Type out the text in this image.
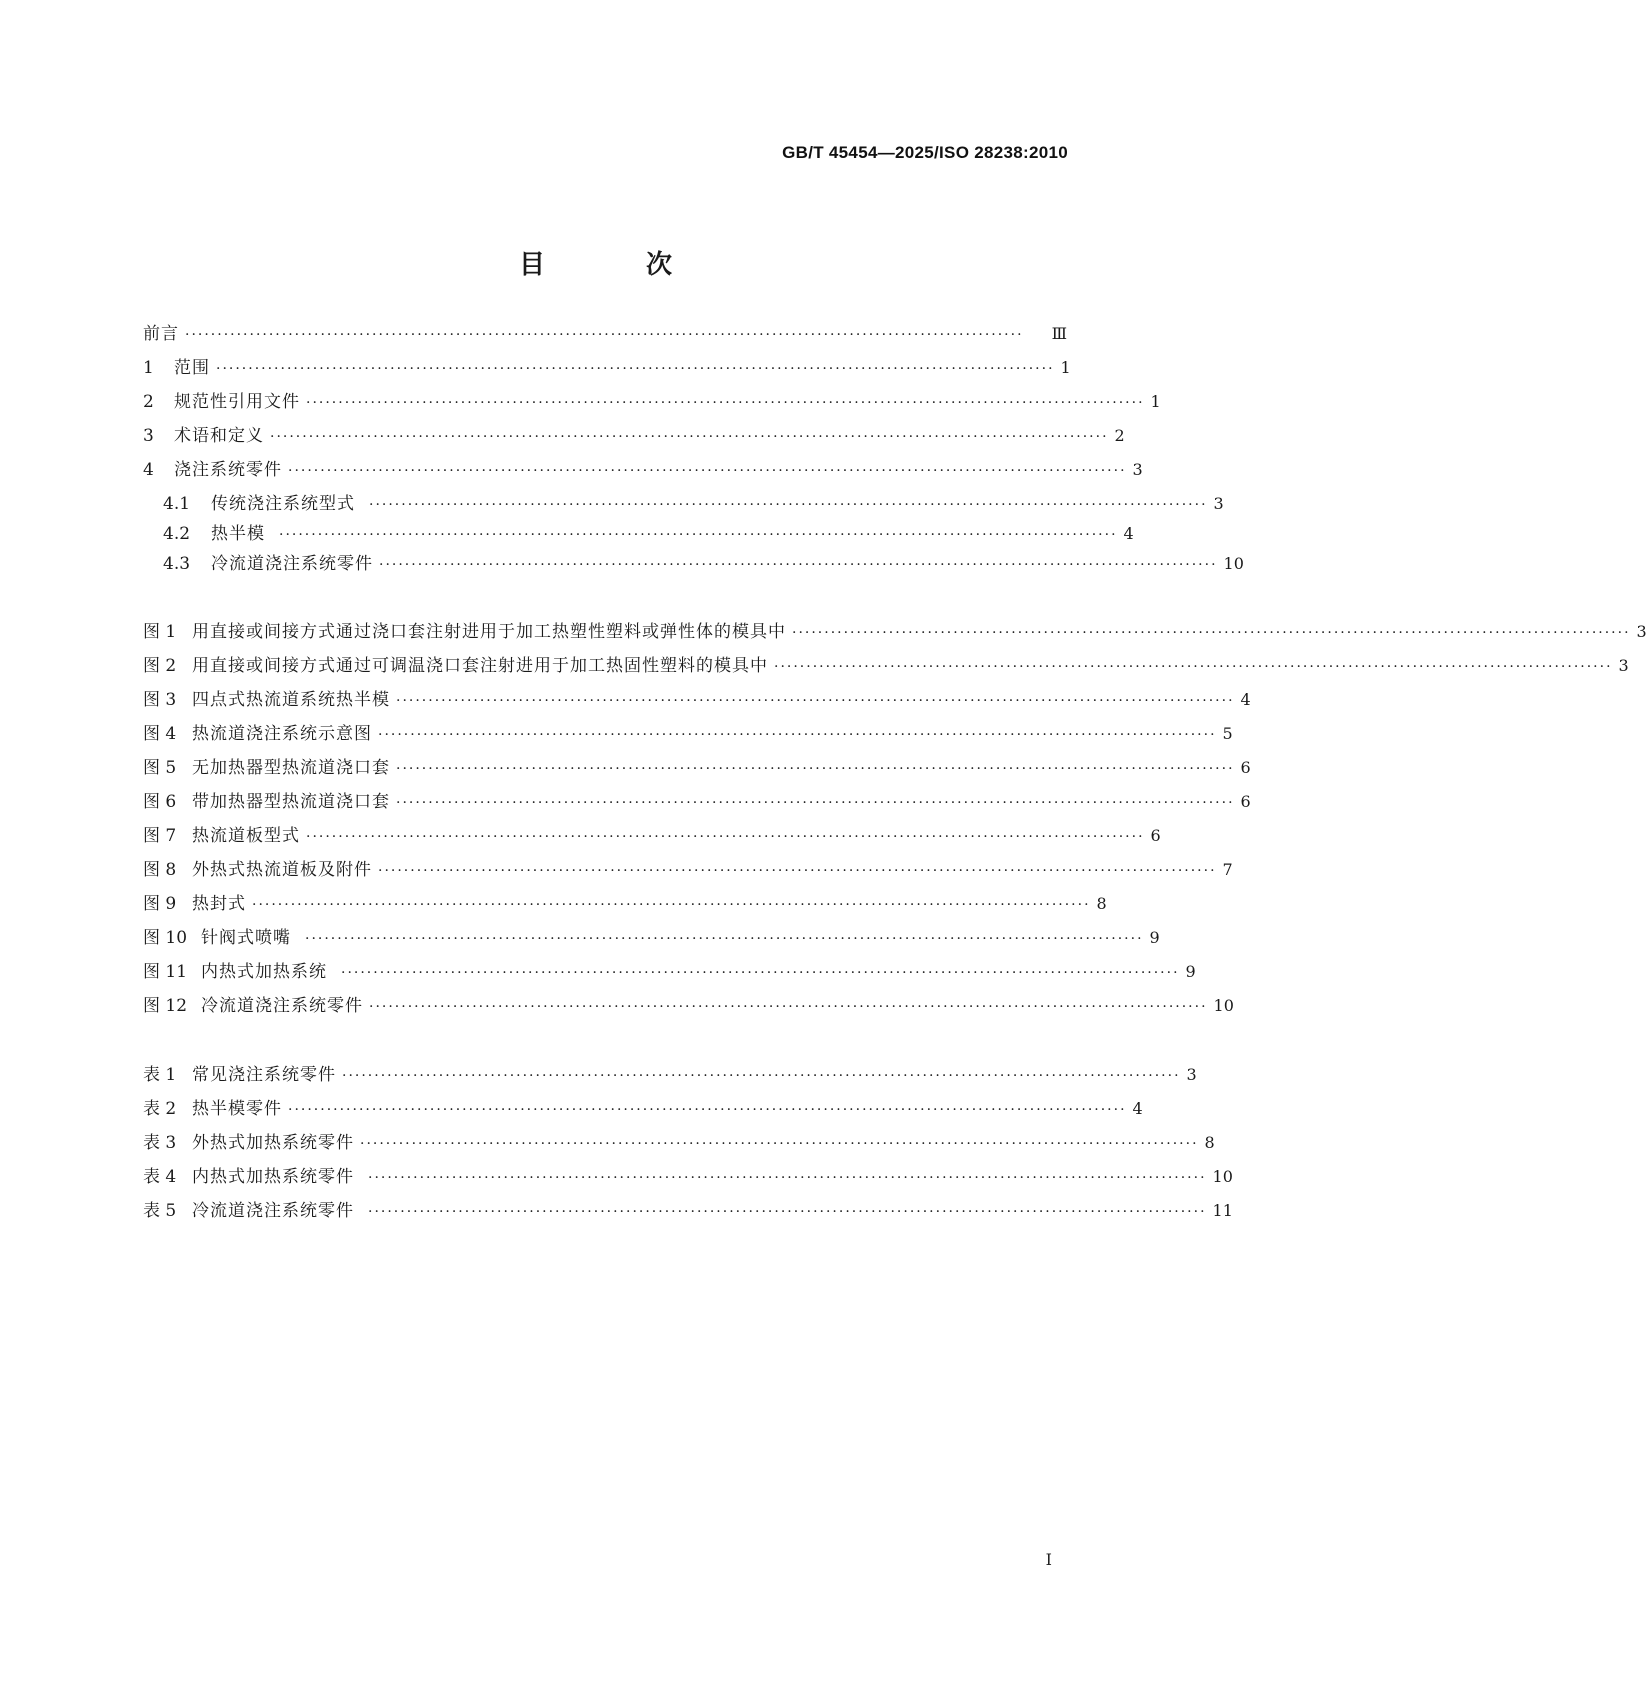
GB/T 45454—2025/ISO 28238:2010
目 次
前言 ··································································································································	Ⅲ
1	范围 ·································································································································· 1
2	规范性引用文件 ·································································································································· 1
3	术语和定义 ·································································································································· 2
4	浇注系统零件 ·································································································································· 3
4.1	传统浇注系统型式 ·································································································································· 3
4.2	热半模 ·································································································································· 4
4.3	冷流道浇注系统零件 ·································································································································· 10
图 1 用直接或间接方式通过浇口套注射进用于加工热塑性塑料或弹性体的模具中 ·································································································································· 3
图 2 用直接或间接方式通过可调温浇口套注射进用于加工热固性塑料的模具中 ·································································································································· 3
图 3 四点式热流道系统热半模 ·································································································································· 4
图 4 热流道浇注系统示意图 ·································································································································· 5
图 5 无加热器型热流道浇口套 ·································································································································· 6
图 6 带加热器型热流道浇口套 ·································································································································· 6
图 7 热流道板型式 ·································································································································· 6
图 8 外热式热流道板及附件 ·································································································································· 7
图 9 热封式 ·································································································································· 8
图 10 针阀式喷嘴 ·································································································································· 9
图 11 内热式加热系统 ·································································································································· 9
图 12 冷流道浇注系统零件 ·································································································································· 10
表 1 常见浇注系统零件 ·································································································································· 3
表 2 热半模零件 ·································································································································· 4
表 3 外热式加热系统零件 ·································································································································· 8
表 4 内热式加热系统零件 ·································································································································· 10
表 5 冷流道浇注系统零件 ·································································································································· 11
I
